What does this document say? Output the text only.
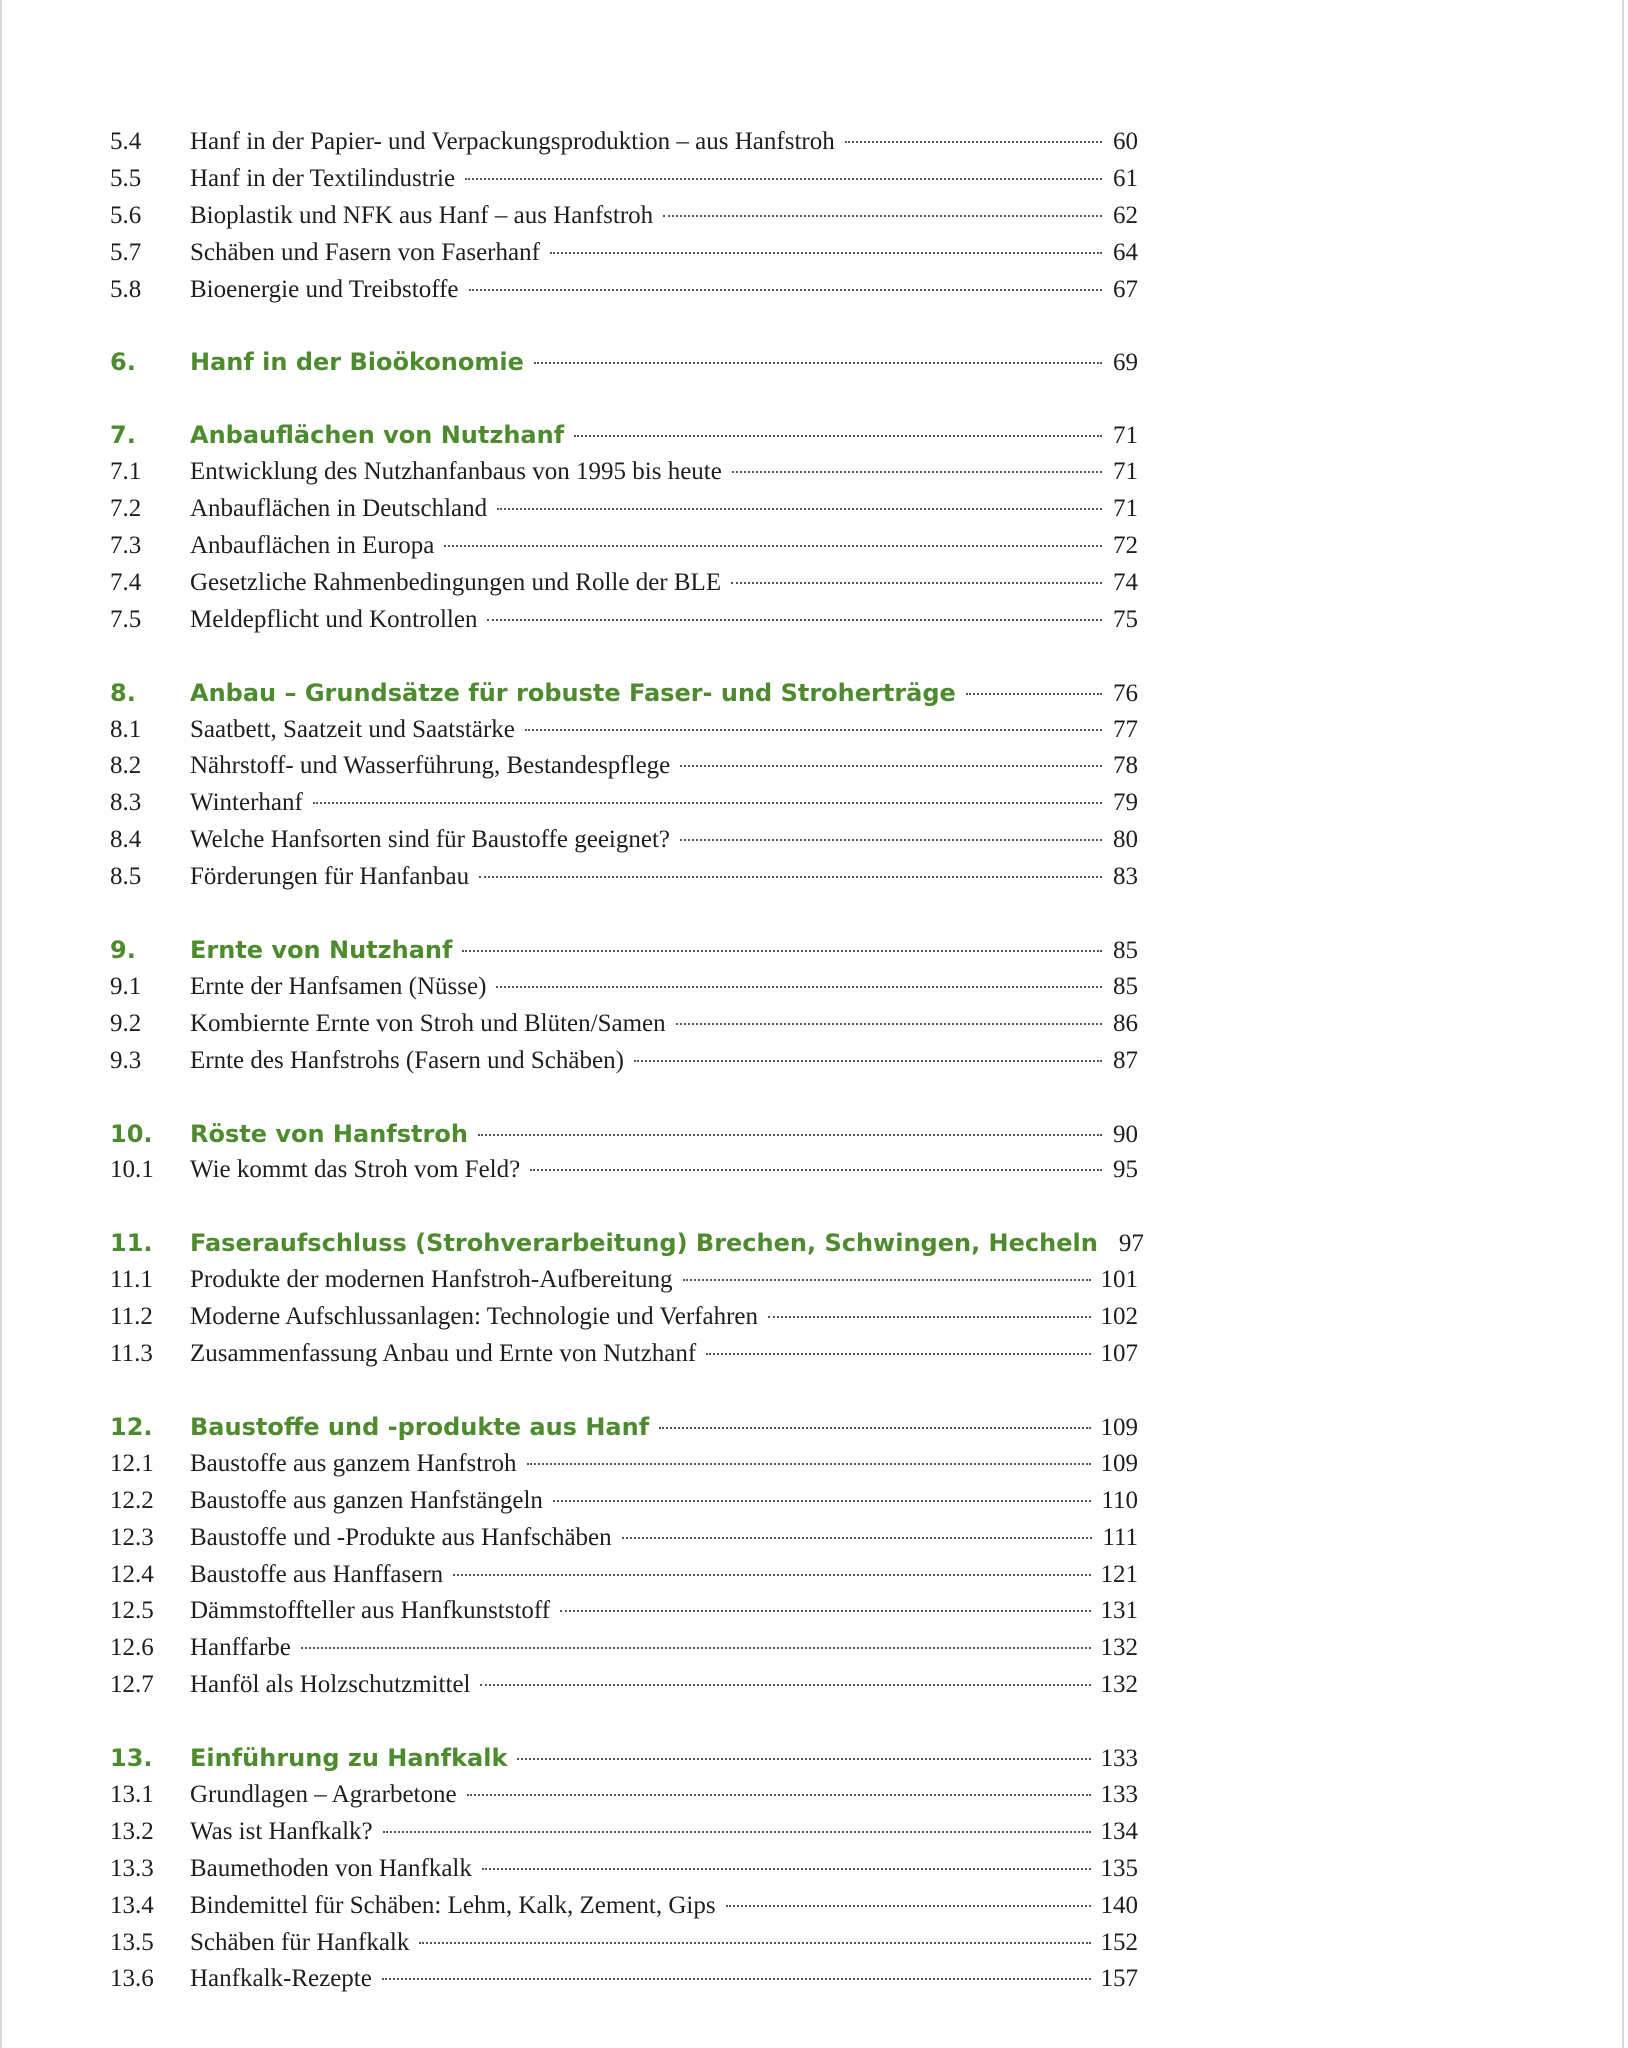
5.4	Hanf in der Papier- und Verpackungsproduktion – aus Hanfstroh	60
5.5	Hanf in der Textilindustrie	61
5.6	Bioplastik und NFK aus Hanf – aus Hanfstroh	62
5.7	Schäben und Fasern von Faserhanf	64
5.8	Bioenergie und Treibstoffe	67
6.	Hanf in der Bioökonomie	69
7.	Anbauflächen von Nutzhanf	71
7.1	Entwicklung des Nutzhanfanbaus von 1995 bis heute	71
7.2	Anbauflächen in Deutschland	71
7.3	Anbauflächen in Europa	72
7.4	Gesetzliche Rahmenbedingungen und Rolle der BLE	74
7.5	Meldepflicht und Kontrollen	75
8.	Anbau – Grundsätze für robuste Faser- und Stroherträge	76
8.1	Saatbett, Saatzeit und Saatstärke	77
8.2	Nährstoff- und Wasserführung, Bestandespflege	78
8.3	Winterhanf	79
8.4	Welche Hanfsorten sind für Baustoffe geeignet?	80
8.5	Förderungen für Hanfanbau	83
9.	Ernte von Nutzhanf	85
9.1	Ernte der Hanfsamen (Nüsse)	85
9.2	Kombiernte Ernte von Stroh und Blüten/Samen	86
9.3	Ernte des Hanfstrohs (Fasern und Schäben)	87
10.	Röste von Hanfstroh	90
10.1	Wie kommt das Stroh vom Feld?	95
11.	Faseraufschluss (Strohverarbeitung) Brechen, Schwingen, Hecheln 97
11.1	Produkte der modernen Hanfstroh-Aufbereitung	101
11.2	Moderne Aufschlussanlagen: Technologie und Verfahren	102
11.3	Zusammenfassung Anbau und Ernte von Nutzhanf	107
12.	Baustoffe und -produkte aus Hanf	109
12.1	Baustoffe aus ganzem Hanfstroh	109
12.2	Baustoffe aus ganzen Hanfstängeln	110
12.3	Baustoffe und -Produkte aus Hanfschäben	111
12.4	Baustoffe aus Hanffasern	121
12.5	Dämmstoffteller aus Hanfkunststoff	131
12.6	Hanffarbe	132
12.7	Hanföl als Holzschutzmittel	132
13.	Einführung zu Hanfkalk	133
13.1	Grundlagen – Agrarbetone	133
13.2	Was ist Hanfkalk?	134
13.3	Baumethoden von Hanfkalk	135
13.4	Bindemittel für Schäben: Lehm, Kalk, Zement, Gips	140
13.5	Schäben für Hanfkalk	152
13.6	Hanfkalk-Rezepte	157
